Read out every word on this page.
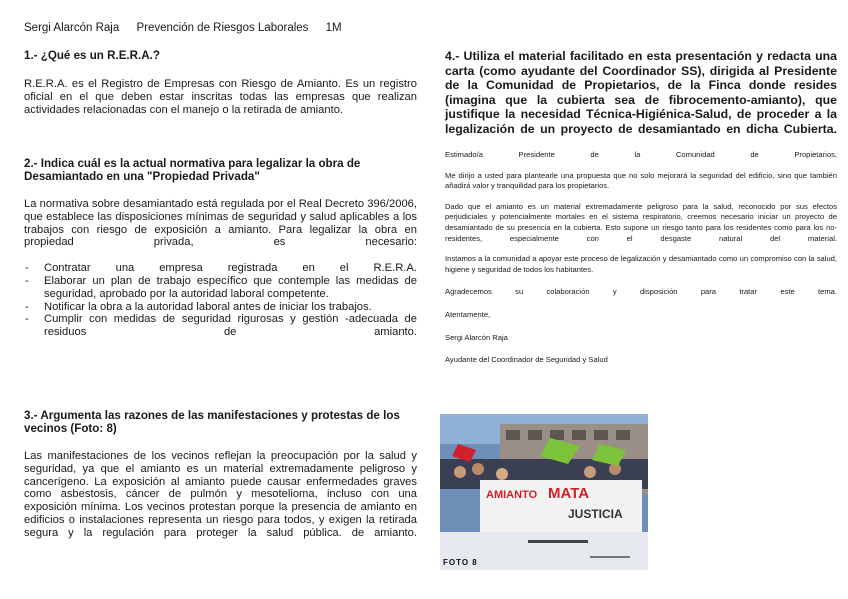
Sergi Alarcón Raja Prevención de Riesgos Laborales 1M
1.- ¿Qué es un R.E.R.A.?

R.E.R.A. es el Registro de Empresas con Riesgo de Amianto. Es un registro oficial en el que deben estar inscritas todas las empresas que realizan actividades relacionadas con el manejo o la retirada de amianto.

2.- Indica cuál es la actual normativa para legalizar la obra de Desamiantado en una "Propiedad Privada"

La normativa sobre desamiantado está regulada por el Real Decreto 396/2006, que establece las disposiciones mínimas de seguridad y salud aplicables a los trabajos con riesgo de exposición a amianto. Para legalizar la obra en propiedad privada, es necesario:

- Contratar una empresa registrada en el R.E.R.A.
- Elaborar un plan de trabajo específico que contemple las medidas de seguridad, aprobado por la autoridad laboral competente.
- Notificar la obra a la autoridad laboral antes de iniciar los trabajos.
- Cumplir con medidas de seguridad rigurosas y gestión -adecuada de residuos de amianto.
3.- Argumenta las razones de las manifestaciones y protestas de los vecinos (Foto: 8)

Las manifestaciones de los vecinos reflejan la preocupación por la salud y seguridad, ya que el amianto es un material extremadamente peligroso y cancerígeno. La exposición al amianto puede causar enfermedades graves como asbestosis, cáncer de pulmón y mesotelioma, incluso con una exposición mínima. Los vecinos protestan porque la presencia de amianto en edificios o instalaciones representa un riesgo para todos, y exigen la retirada segura y la regulación para proteger la salud pública. de amianto.

4.- Utiliza el material facilitado en esta presentación y redacta una carta (como ayudante del Coordinador SS), dirigida al Presidente de la Comunidad de Propietarios, de la Finca donde resides (imagina que la cubierta sea de fibrocemento-amianto), que justifique la necesidad Técnica-Higiénica-Salud, de proceder a la legalización de un proyecto de desamiantado en dicha Cubierta.

Estimado/a Presidente de la Comunidad de Propietarios,

Me dirijo a usted para plantearle una propuesta que no solo mejorará la seguridad del edificio, sino que también añadirá valor y tranquilidad para los propietarios.

Dado que el amianto es un material extremadamente peligroso para la salud, reconocido por sus efectos perjudiciales y potencialmente mortales en el sistema respiratorio, creemos necesario iniciar un proyecto de desamiantado de su presencia en la cubierta. Esto supone un riesgo tanto para los residentes como para los no-residentes, especialmente con el desgaste natural del material.

Instamos a la comunidad a apoyar este proceso de legalización y desamiantado como un compromiso con la salud, higiene y seguridad de todos los habitantes.

Agradecemos su colaboración y disposición para tratar este tema.

Atentamente,

Sergi Alarcón Raja

Ayudante del Coordinador de Seguridad y Salud

AMIANTO MATA
JUSTICIA
FOTO 8
